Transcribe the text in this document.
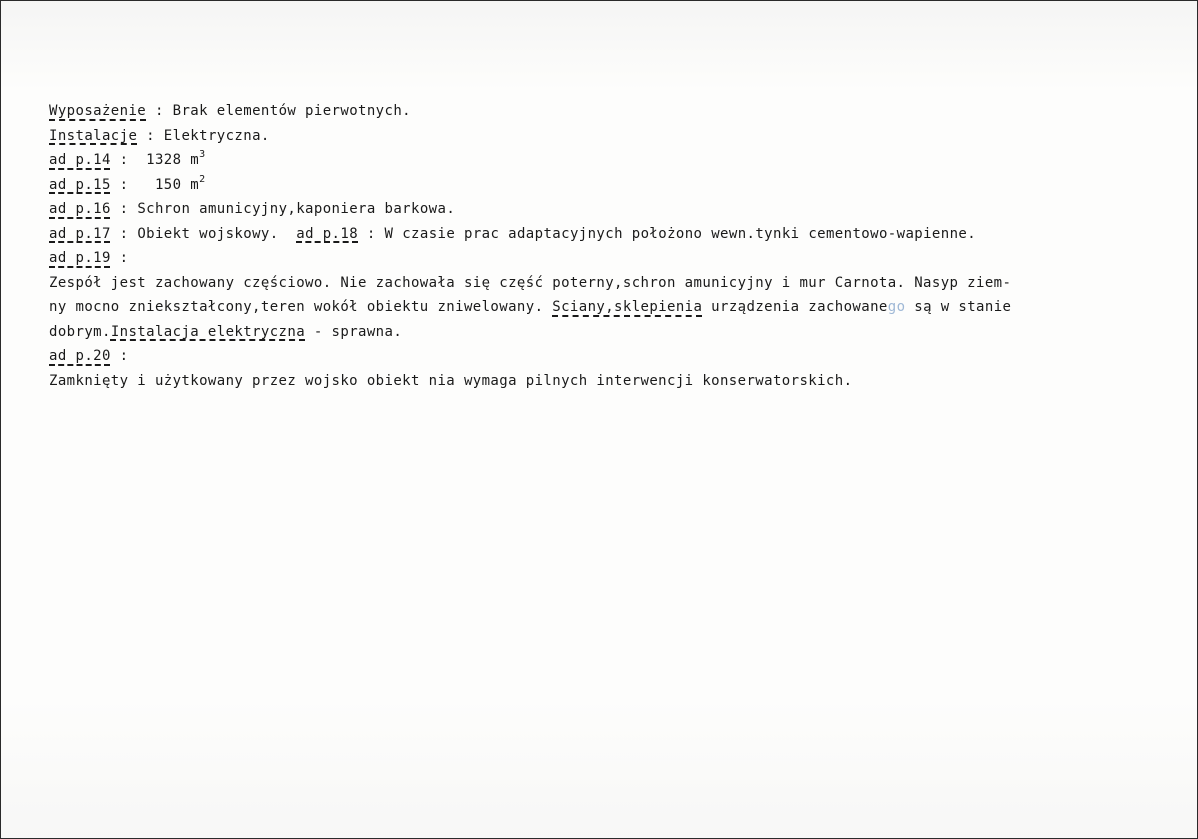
Wyposażenie : Brak elementów pierwotnych.
Instalacje : Elektryczna.
ad p.14 :  1328 $m^3$
ad p.15 :   150 $m^2$
ad p.16 : Schron amunicyjny,kaponiera barkowa.
ad p.17 : Obiekt wojskowy.  ad p.18 : W czasie prac adaptacyjnych położono wewn.tynki cementowo-wapienne.
ad p.19 :
Zespół jest zachowany częściowo. Nie zachowała się część poterny,schron amunicyjny i mur Carnota. Nasyp ziem-
ny mocno zniekształcony,teren wokół obiektu zniwelowany. Sciany,sklepienia urządzenia zachowanego są w stanie
dobrym.Instalacja elektryczna - sprawna.
ad p.20 :
Zamknięty i użytkowany przez wojsko obiekt nia wymaga pilnych interwencji konserwatorskich.
